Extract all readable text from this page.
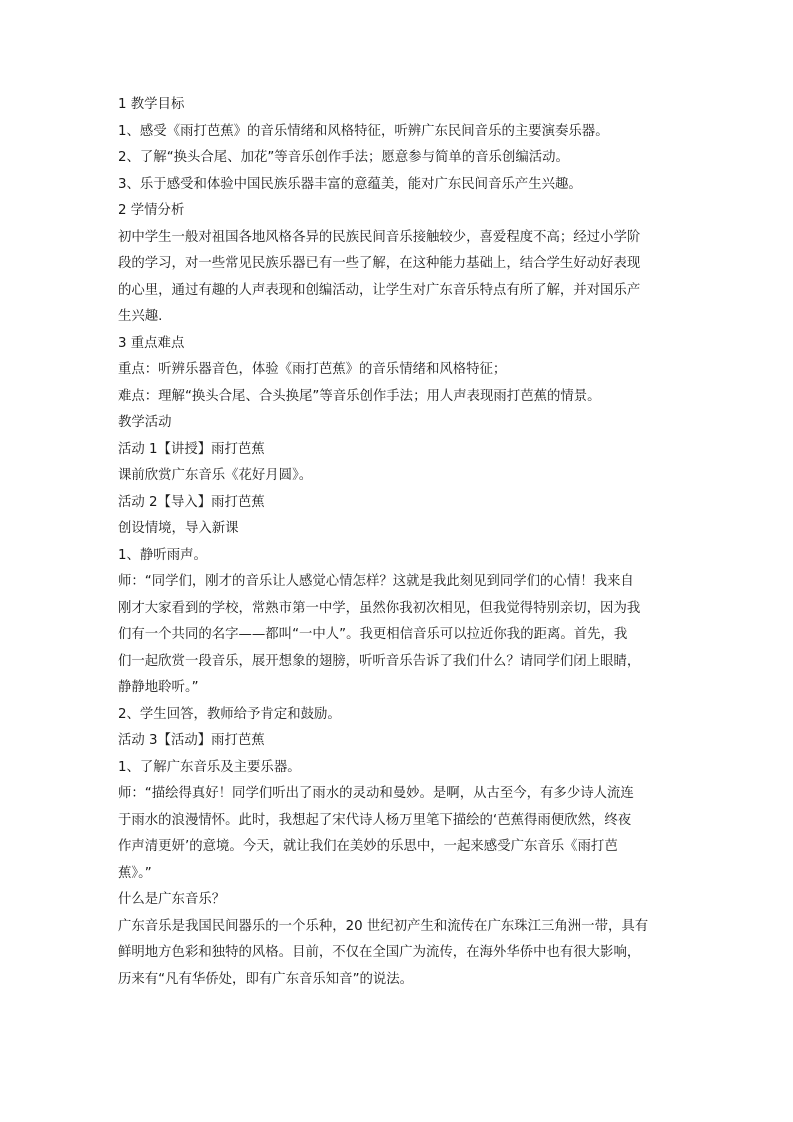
1 教学目标

1、感受《雨打芭蕉》的音乐情绪和风格特征，听辨广东民间音乐的主要演奏乐器。

2、了解“换头合尾、加花”等音乐创作手法；愿意参与简单的音乐创编活动。

3、乐于感受和体验中国民族乐器丰富的意蕴美，能对广东民间音乐产生兴趣。

2 学情分析

初中学生一般对祖国各地风格各异的民族民间音乐接触较少，喜爱程度不高；经过小学阶

段的学习，对一些常见民族乐器已有一些了解，在这种能力基础上，结合学生好动好表现

的心里，通过有趣的人声表现和创编活动，让学生对广东音乐特点有所了解，并对国乐产

生兴趣.

3 重点难点

重点：听辨乐器音色，体验《雨打芭蕉》的音乐情绪和风格特征；

难点：理解“换头合尾、合头换尾”等音乐创作手法；用人声表现雨打芭蕉的情景。

教学活动

活动 1【讲授】雨打芭蕉

课前欣赏广东音乐《花好月圆》。

活动 2【导入】雨打芭蕉

创设情境，导入新课

1、静听雨声。

师：“同学们，刚才的音乐让人感觉心情怎样？这就是我此刻见到同学们的心情！我来自

刚才大家看到的学校，常熟市第一中学，虽然你我初次相见，但我觉得特别亲切，因为我

们有一个共同的名字——都叫“一中人”。我更相信音乐可以拉近你我的距离。首先，我

们一起欣赏一段音乐，展开想象的翅膀，听听音乐告诉了我们什么？请同学们闭上眼睛，

静静地聆听。”

2、学生回答，教师给予肯定和鼓励。

活动 3【活动】雨打芭蕉

1、了解广东音乐及主要乐器。

师：“描绘得真好！同学们听出了雨水的灵动和曼妙。是啊，从古至今，有多少诗人流连

于雨水的浪漫情怀。此时，我想起了宋代诗人杨万里笔下描绘的‘芭蕉得雨便欣然，终夜

作声清更妍’的意境。今天，就让我们在美妙的乐思中，一起来感受广东音乐《雨打芭

蕉》。”

什么是广东音乐？

广东音乐是我国民间器乐的一个乐种，20 世纪初产生和流传在广东珠江三角洲一带，具有

鲜明地方色彩和独特的风格。目前，不仅在全国广为流传，在海外华侨中也有很大影响，

历来有“凡有华侨处，即有广东音乐知音”的说法。
